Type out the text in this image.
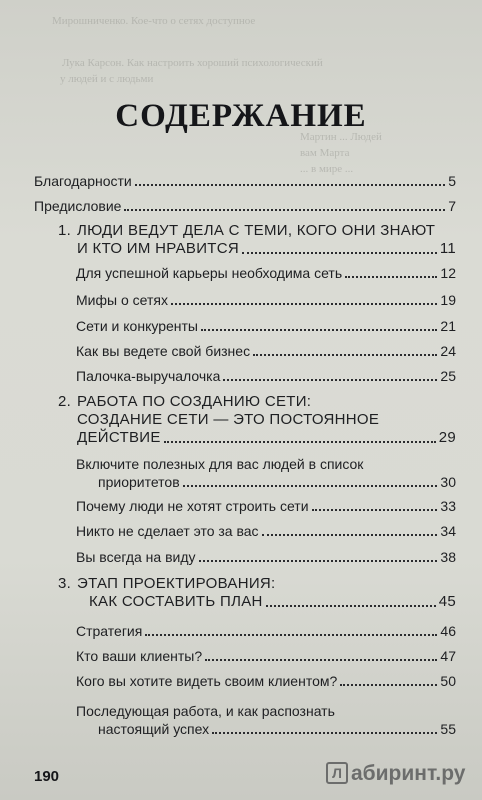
Мирошниченко. Кое-что о сетях доступное
Лука Карсон. Как настроить хороший психологический
у людей и с людьми
Мартин ... Людей
вам Марта
... в мире ...
СОДЕРЖАНИЕ
Благодарности	5
Предисловие	7
1. ЛЮДИ ВЕДУТ ДЕЛА С ТЕМИ, КОГО ОНИ ЗНАЮТ
И КТО ИМ НРАВИТСЯ	11
Для успешной карьеры необходима сеть	12
Мифы о сетях	19
Сети и конкуренты	21
Как вы ведете свой бизнес	24
Палочка-выручалочка	25
2. РАБОТА ПО СОЗДАНИЮ СЕТИ:
СОЗДАНИЕ СЕТИ — ЭТО ПОСТОЯННОЕ
ДЕЙСТВИЕ	29
Включите полезных для вас людей в список
приоритетов	30
Почему люди не хотят строить сети	33
Никто не сделает это за вас	34
Вы всегда на виду	38
3. ЭТАП ПРОЕКТИРОВАНИЯ:
КАК СОСТАВИТЬ ПЛАН	45
Стратегия	46
Кто ваши клиенты?	47
Кого вы хотите видеть своим клиентом?	50
Последующая работа, и как распознать
настоящий успех	55
190	Л абиринт.ру
